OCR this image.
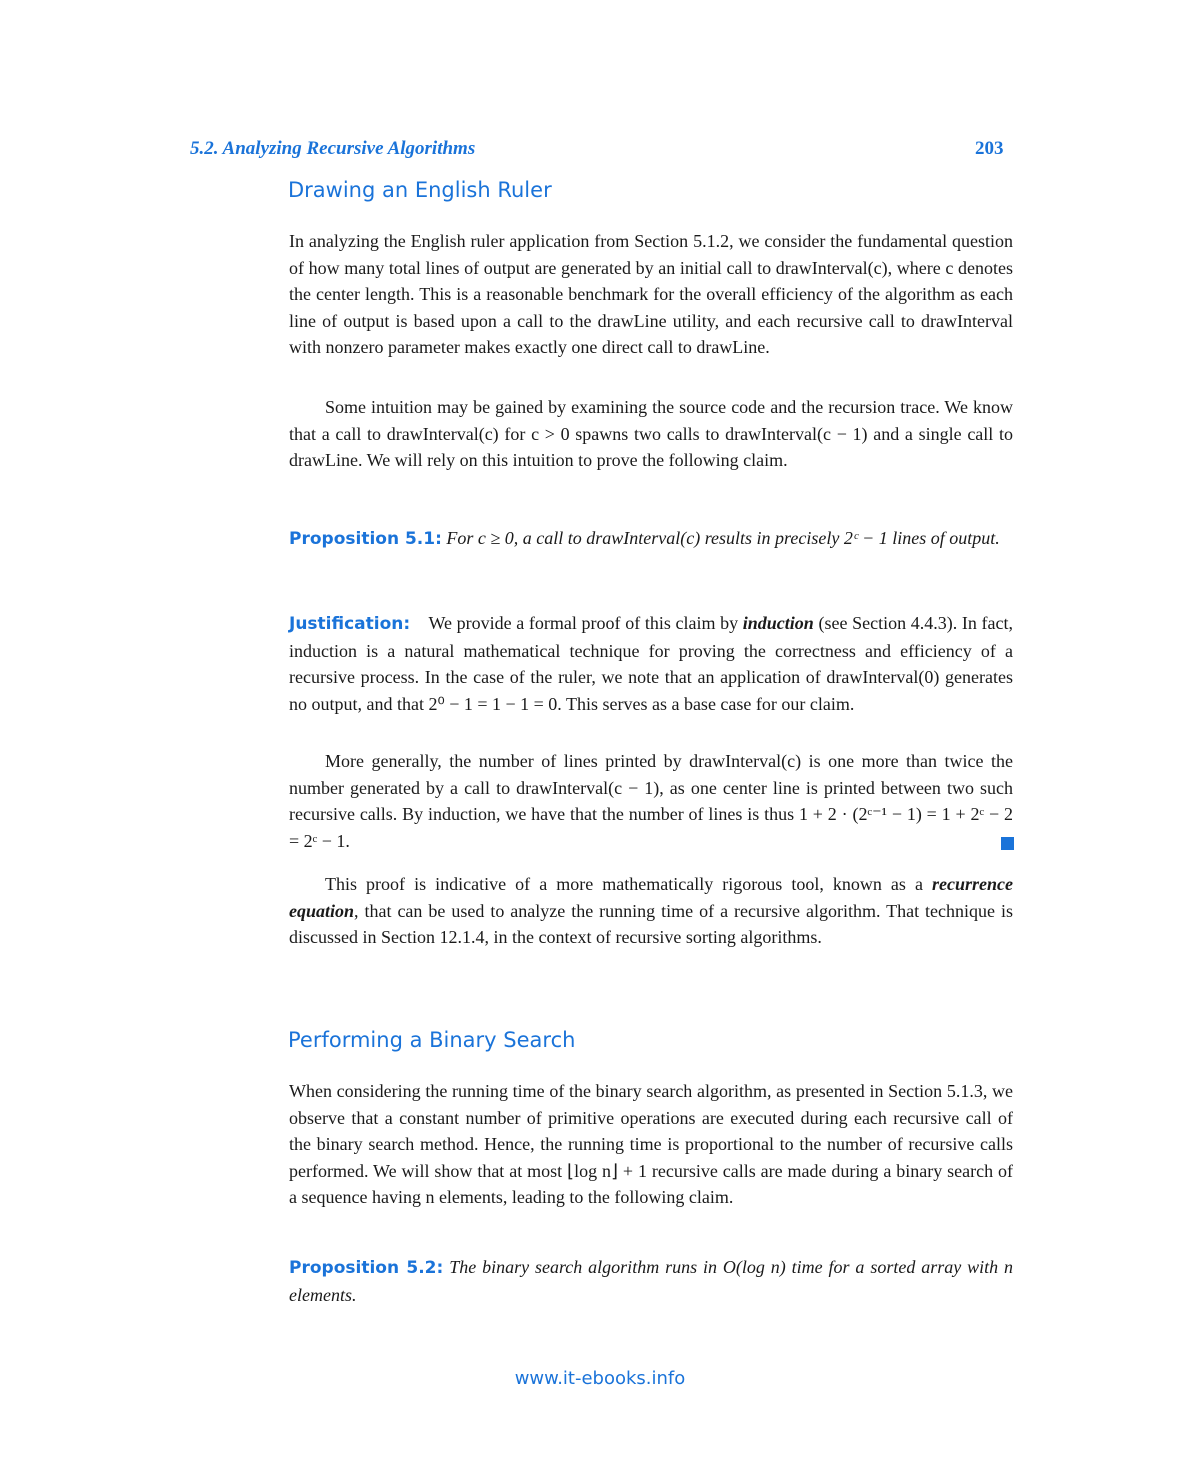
5.2. Analyzing Recursive Algorithms	203
Drawing an English Ruler

In analyzing the English ruler application from Section 5.1.2, we consider the fundamental question of how many total lines of output are generated by an initial call to drawInterval(c), where c denotes the center length. This is a reasonable benchmark for the overall efficiency of the algorithm as each line of output is based upon a call to the drawLine utility, and each recursive call to drawInterval with nonzero parameter makes exactly one direct call to drawLine.

Some intuition may be gained by examining the source code and the recursion trace. We know that a call to drawInterval(c) for c > 0 spawns two calls to drawInterval(c − 1) and a single call to drawLine. We will rely on this intuition to prove the following claim.

Proposition 5.1: For c ≥ 0, a call to drawInterval(c) results in precisely 2ᶜ − 1 lines of output.

Justification: We provide a formal proof of this claim by induction (see Section 4.4.3). In fact, induction is a natural mathematical technique for proving the correctness and efficiency of a recursive process. In the case of the ruler, we note that an application of drawInterval(0) generates no output, and that 2⁰ − 1 = 1 − 1 = 0. This serves as a base case for our claim.

More generally, the number of lines printed by drawInterval(c) is one more than twice the number generated by a call to drawInterval(c − 1), as one center line is printed between two such recursive calls. By induction, we have that the number of lines is thus 1 + 2 · (2ᶜ⁻¹ − 1) = 1 + 2ᶜ − 2 = 2ᶜ − 1.

This proof is indicative of a more mathematically rigorous tool, known as a recurrence equation, that can be used to analyze the running time of a recursive algorithm. That technique is discussed in Section 12.1.4, in the context of recursive sorting algorithms.

Performing a Binary Search

When considering the running time of the binary search algorithm, as presented in Section 5.1.3, we observe that a constant number of primitive operations are executed during each recursive call of the binary search method. Hence, the running time is proportional to the number of recursive calls performed. We will show that at most ⌊log n⌋ + 1 recursive calls are made during a binary search of a sequence having n elements, leading to the following claim.

Proposition 5.2: The binary search algorithm runs in O(log n) time for a sorted array with n elements.

www.it-ebooks.info
